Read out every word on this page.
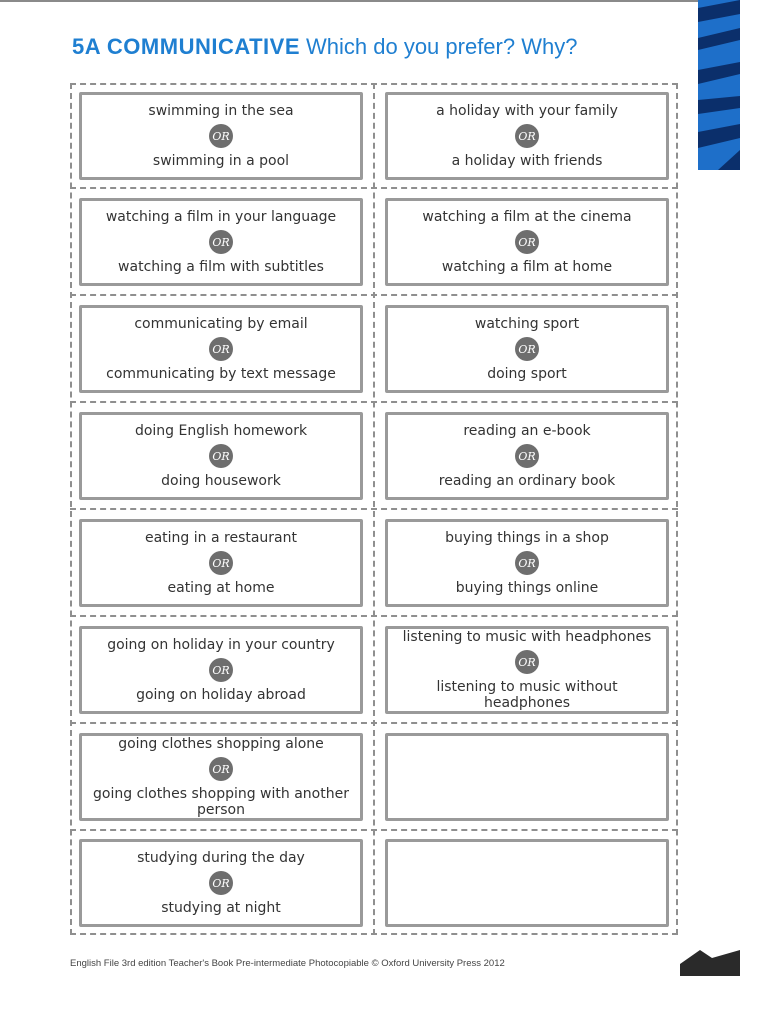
5A COMMUNICATIVE Which do you prefer? Why?
swimming in the sea
OR
swimming in a pool
a holiday with your family
OR
a holiday with friends
watching a film in your language
OR
watching a film with subtitles
watching a film at the cinema
OR
watching a film at home
communicating by email
OR
communicating by text message
watching sport
OR
doing sport
doing English homework
OR
doing housework
reading an e-book
OR
reading an ordinary book
eating in a restaurant
OR
eating at home
buying things in a shop
OR
buying things online
going on holiday in your country
OR
going on holiday abroad
listening to music with headphones
OR
listening to music without headphones
going clothes shopping alone
OR
going clothes shopping with another person
studying during the day
OR
studying at night

English File 3rd edition Teacher's Book Pre-intermediate Photocopiable © Oxford University Press 2012
